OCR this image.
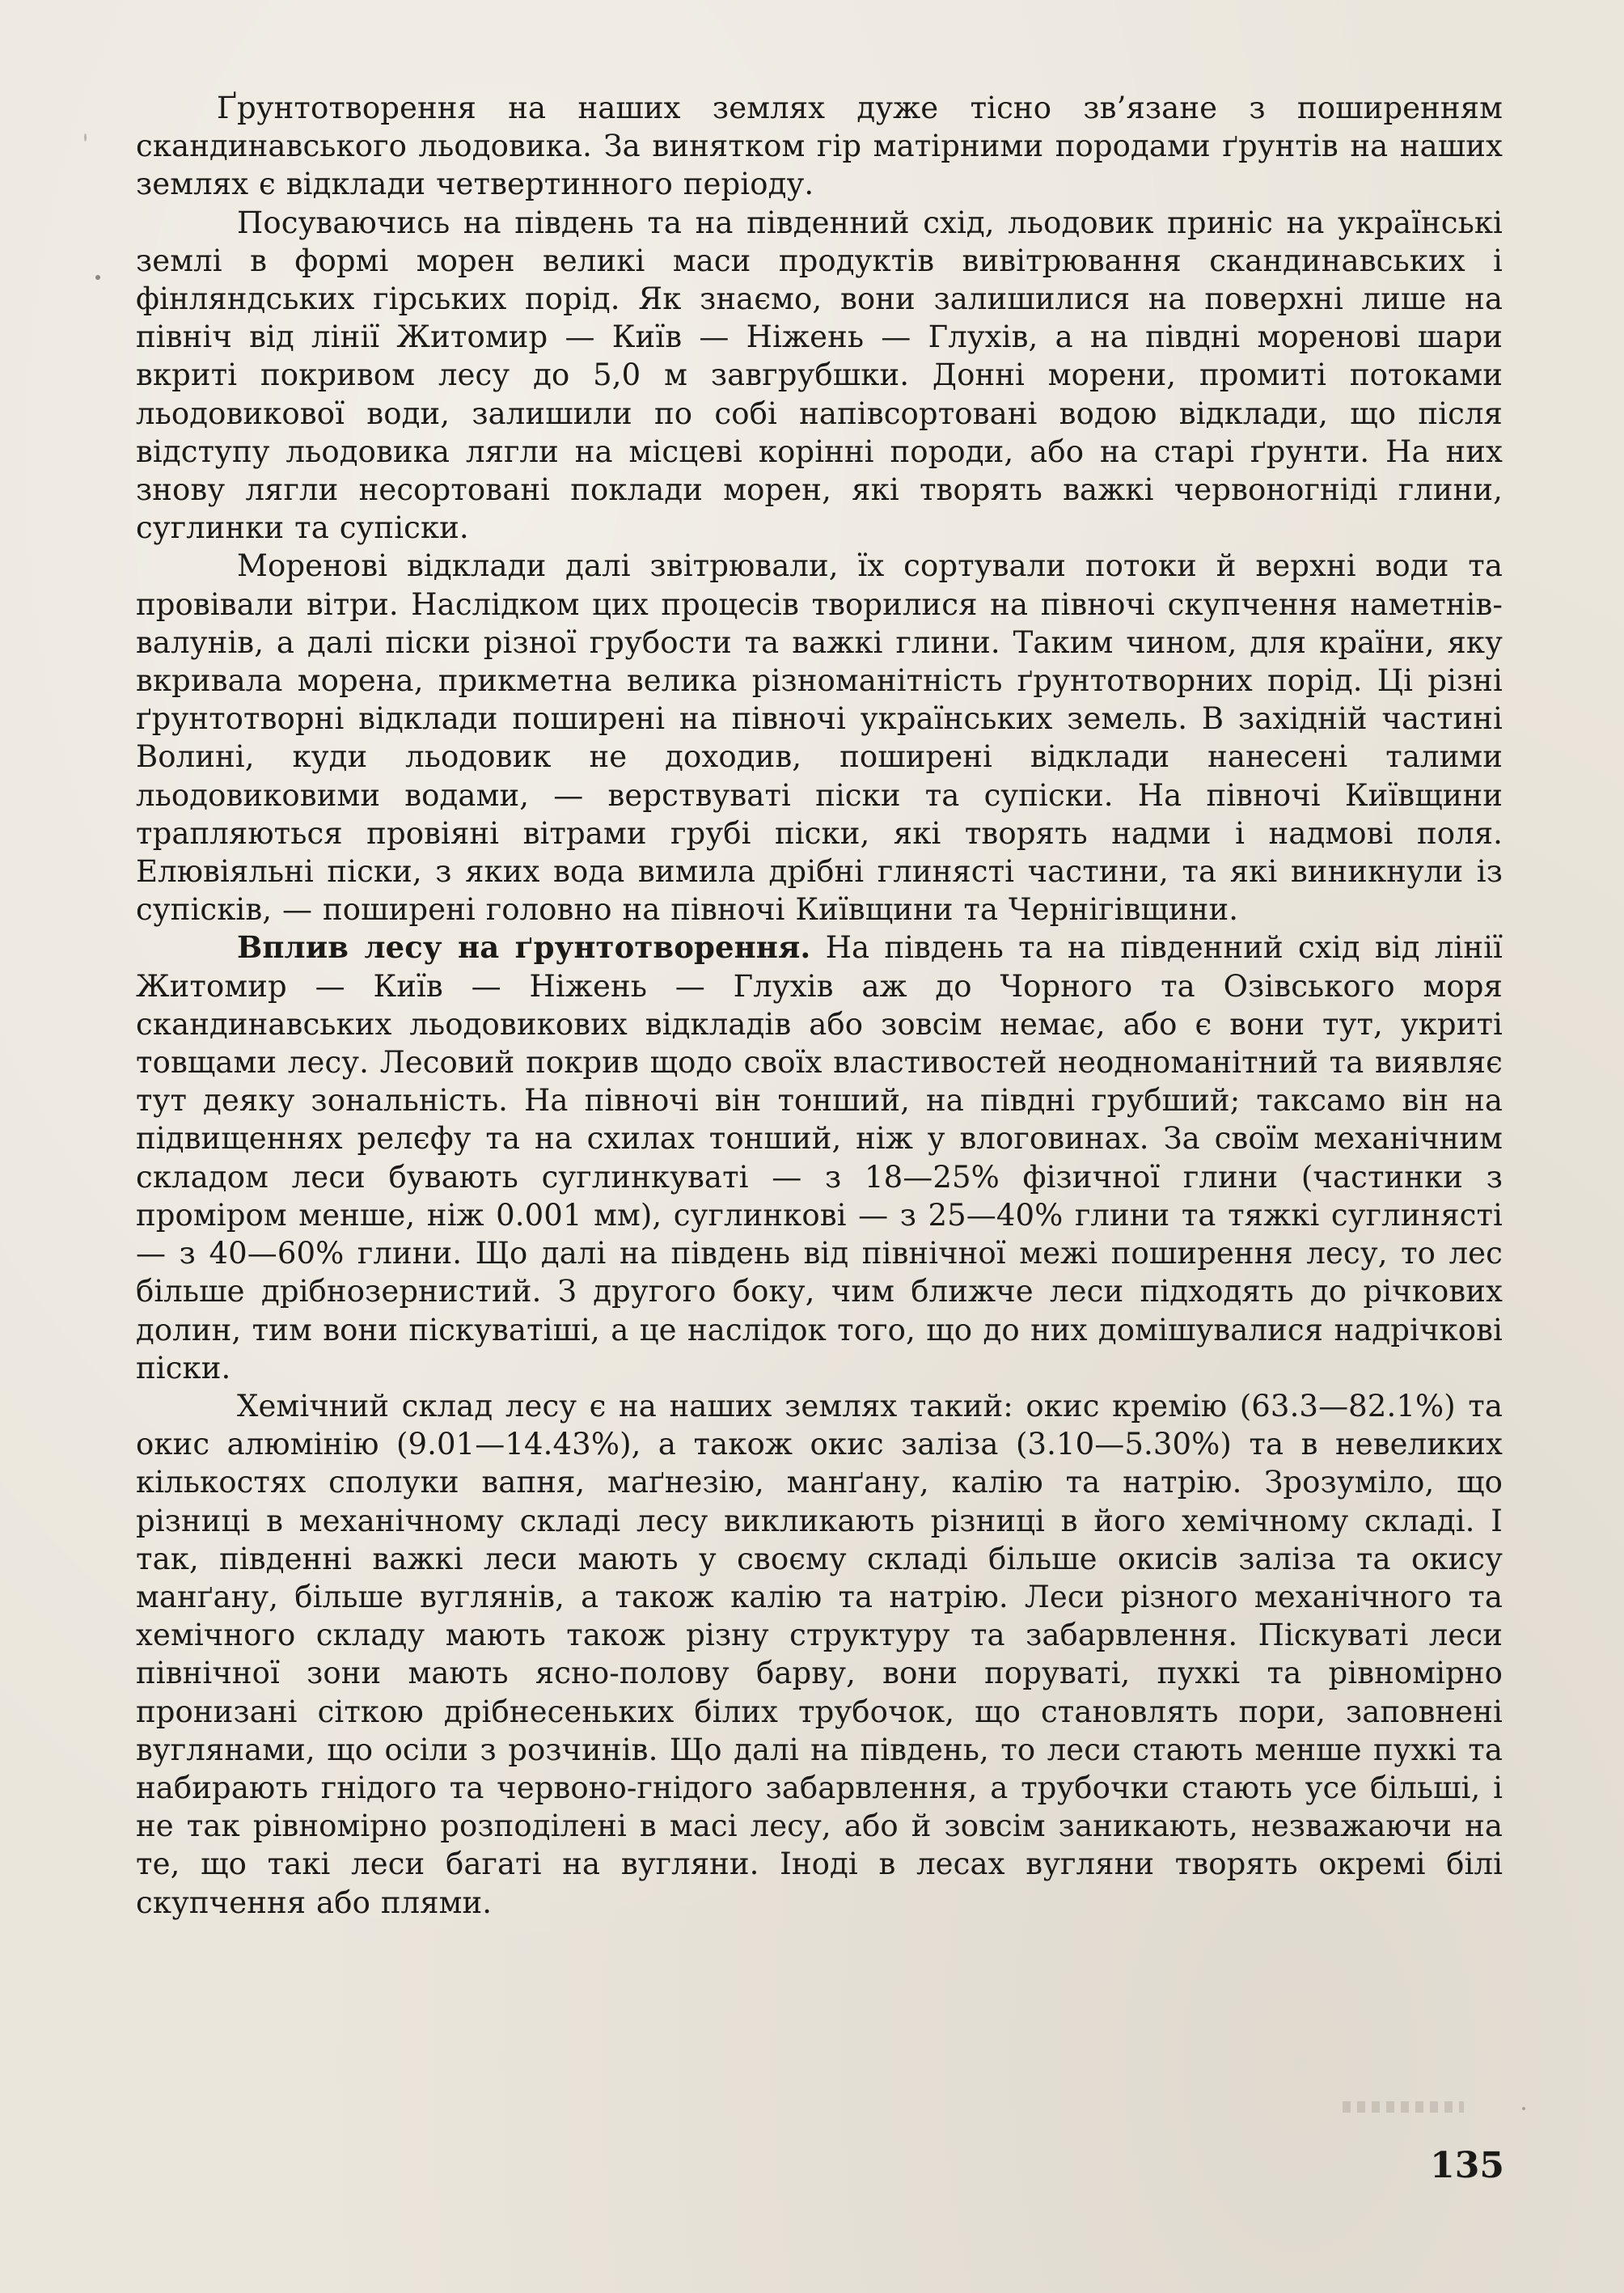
Ґрунтотворення на наших землях дуже тісно зв’язане з поширенням скандинавського льодовика. За винятком гір матірними породами ґрунтів на наших землях є відклади четвертинного періоду.

Посуваючись на південь та на південний схід, льодовик приніс на українські землі в формі морен великі маси продуктів вивітрювання скандинавських і фінляндських гірських порід. Як знаємо, вони залишилися на поверхні лише на північ від лінії Житомир — Київ — Ніжень — Глухів, а на півдні моренові шари вкриті покривом лесу до 5,0 м завгрубшки. Донні морени, промиті потоками льодовикової води, залишили по собі напівсортовані водою відклади, що після відступу льодовика лягли на місцеві корінні породи, або на старі ґрунти. На них знову лягли несортовані поклади морен, які творять важкі червоногнідi глини, суглинки та супіски.

Моренові відклади далі звітрювали, їх сортували потоки й верхні води та провівали вітри. Наслідком цих процесів творилися на півночі скупчення наметнів-валунів, а далі піски різної грубости та важкі глини. Таким чином, для країни, яку вкривала морена, прикметна велика різноманітність ґрунтотворних порід. Ці різні ґрунтотворні відклади поширені на півночі українських земель. В західній частині Волині, куди льодовик не доходив, поширені відклади нанесені талими льодовиковими водами, — верствуваті піски та супіски. На півночі Київщини трапляються провіяні вітрами грубі піски, які творять надми і надмові поля. Елювіяльні піски, з яких вода вимила дрібні глинясті частини, та які виникнули із супісків, — поширені головно на півночі Київщини та Чернігівщини.

Вплив лесу на ґрунтотворення. На південь та на південний схід від лінії Житомир — Київ — Ніжень — Глухів аж до Чорного та Озівського моря скандинавських льодовикових відкладів або зовсім немає, або є вони тут, укриті товщами лесу. Лесовий покрив щодо своїх властивостей неодноманітний та виявляє тут деяку зональність. На півночі він тонший, на півдні грубший; таксамо він на підвищеннях релєфу та на схилах тонший, ніж у влоговинах. За своїм механічним складом леси бувають суглинкуваті — з 18—25% фізичної глини (частинки з проміром менше, ніж 0.001 мм), суглинкові — з 25—40% глини та тяжкі суглинясті — з 40—60% глини. Що далі на південь від північної межі поширення лесу, то лес більше дрібнозернистий. З другого боку, чим ближче леси підходять до річкових долин, тим вони піскуватіші, а це наслідок того, що до них домішувалися надрічкові піски.

Хемічний склад лесу є на наших землях такий: окис кремію (63.3—82.1%) та окис алюмінію (9.01—14.43%), а також окис заліза (3.10—5.30%) та в невеликих кількостях сполуки вапня, маґнезію, манґану, калію та натрію. Зрозуміло, що різниці в механічному складі лесу викликають різниці в його хемічному складі. І так, південні важкі леси мають у своєму складі більше окисів заліза та окису манґану, більше вуглянів, а також калію та натрію. Леси різного механічного та хемічного складу мають також різну структуру та забарвлення. Піскуваті леси північної зони мають ясно-полову барву, вони поруваті, пухкі та рівномірно пронизані сіткою дрібнесеньких білих трубочок, що становлять пори, заповнені вуглянами, що осіли з розчинів. Що далі на південь, то леси стають менше пухкі та набирають гнідого та червоно-гнідого забарвлення, а трубочки стають усе більші, і не так рівномірно розподілені в масі лесу, або й зовсім заникають, незважаючи на те, що такі леси багаті на вугляни. Іноді в лесах вугляни творять окремі білі скупчення або плями.

135
